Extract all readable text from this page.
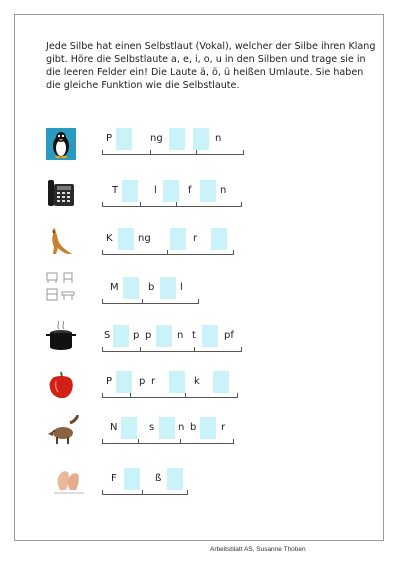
Jede Silbe hat einen Selbstlaut (Vokal), welcher der Silbe ihren Klang gibt. Höre die Selbstlaute a, e, i, o, u in den Silben und trage sie in die leeren Felder ein! Die Laute ä, ö, ü heißen Umlaute. Sie haben die gleiche Funktion wie die Selbstlaute.
P	ng	n
T	l	f	n
K	ng	r
M	b	l
S p p	n t	pf
P	p r	k
N	s n b r
F	ß
Arbeitsblatt AS, Susanne Thoben
